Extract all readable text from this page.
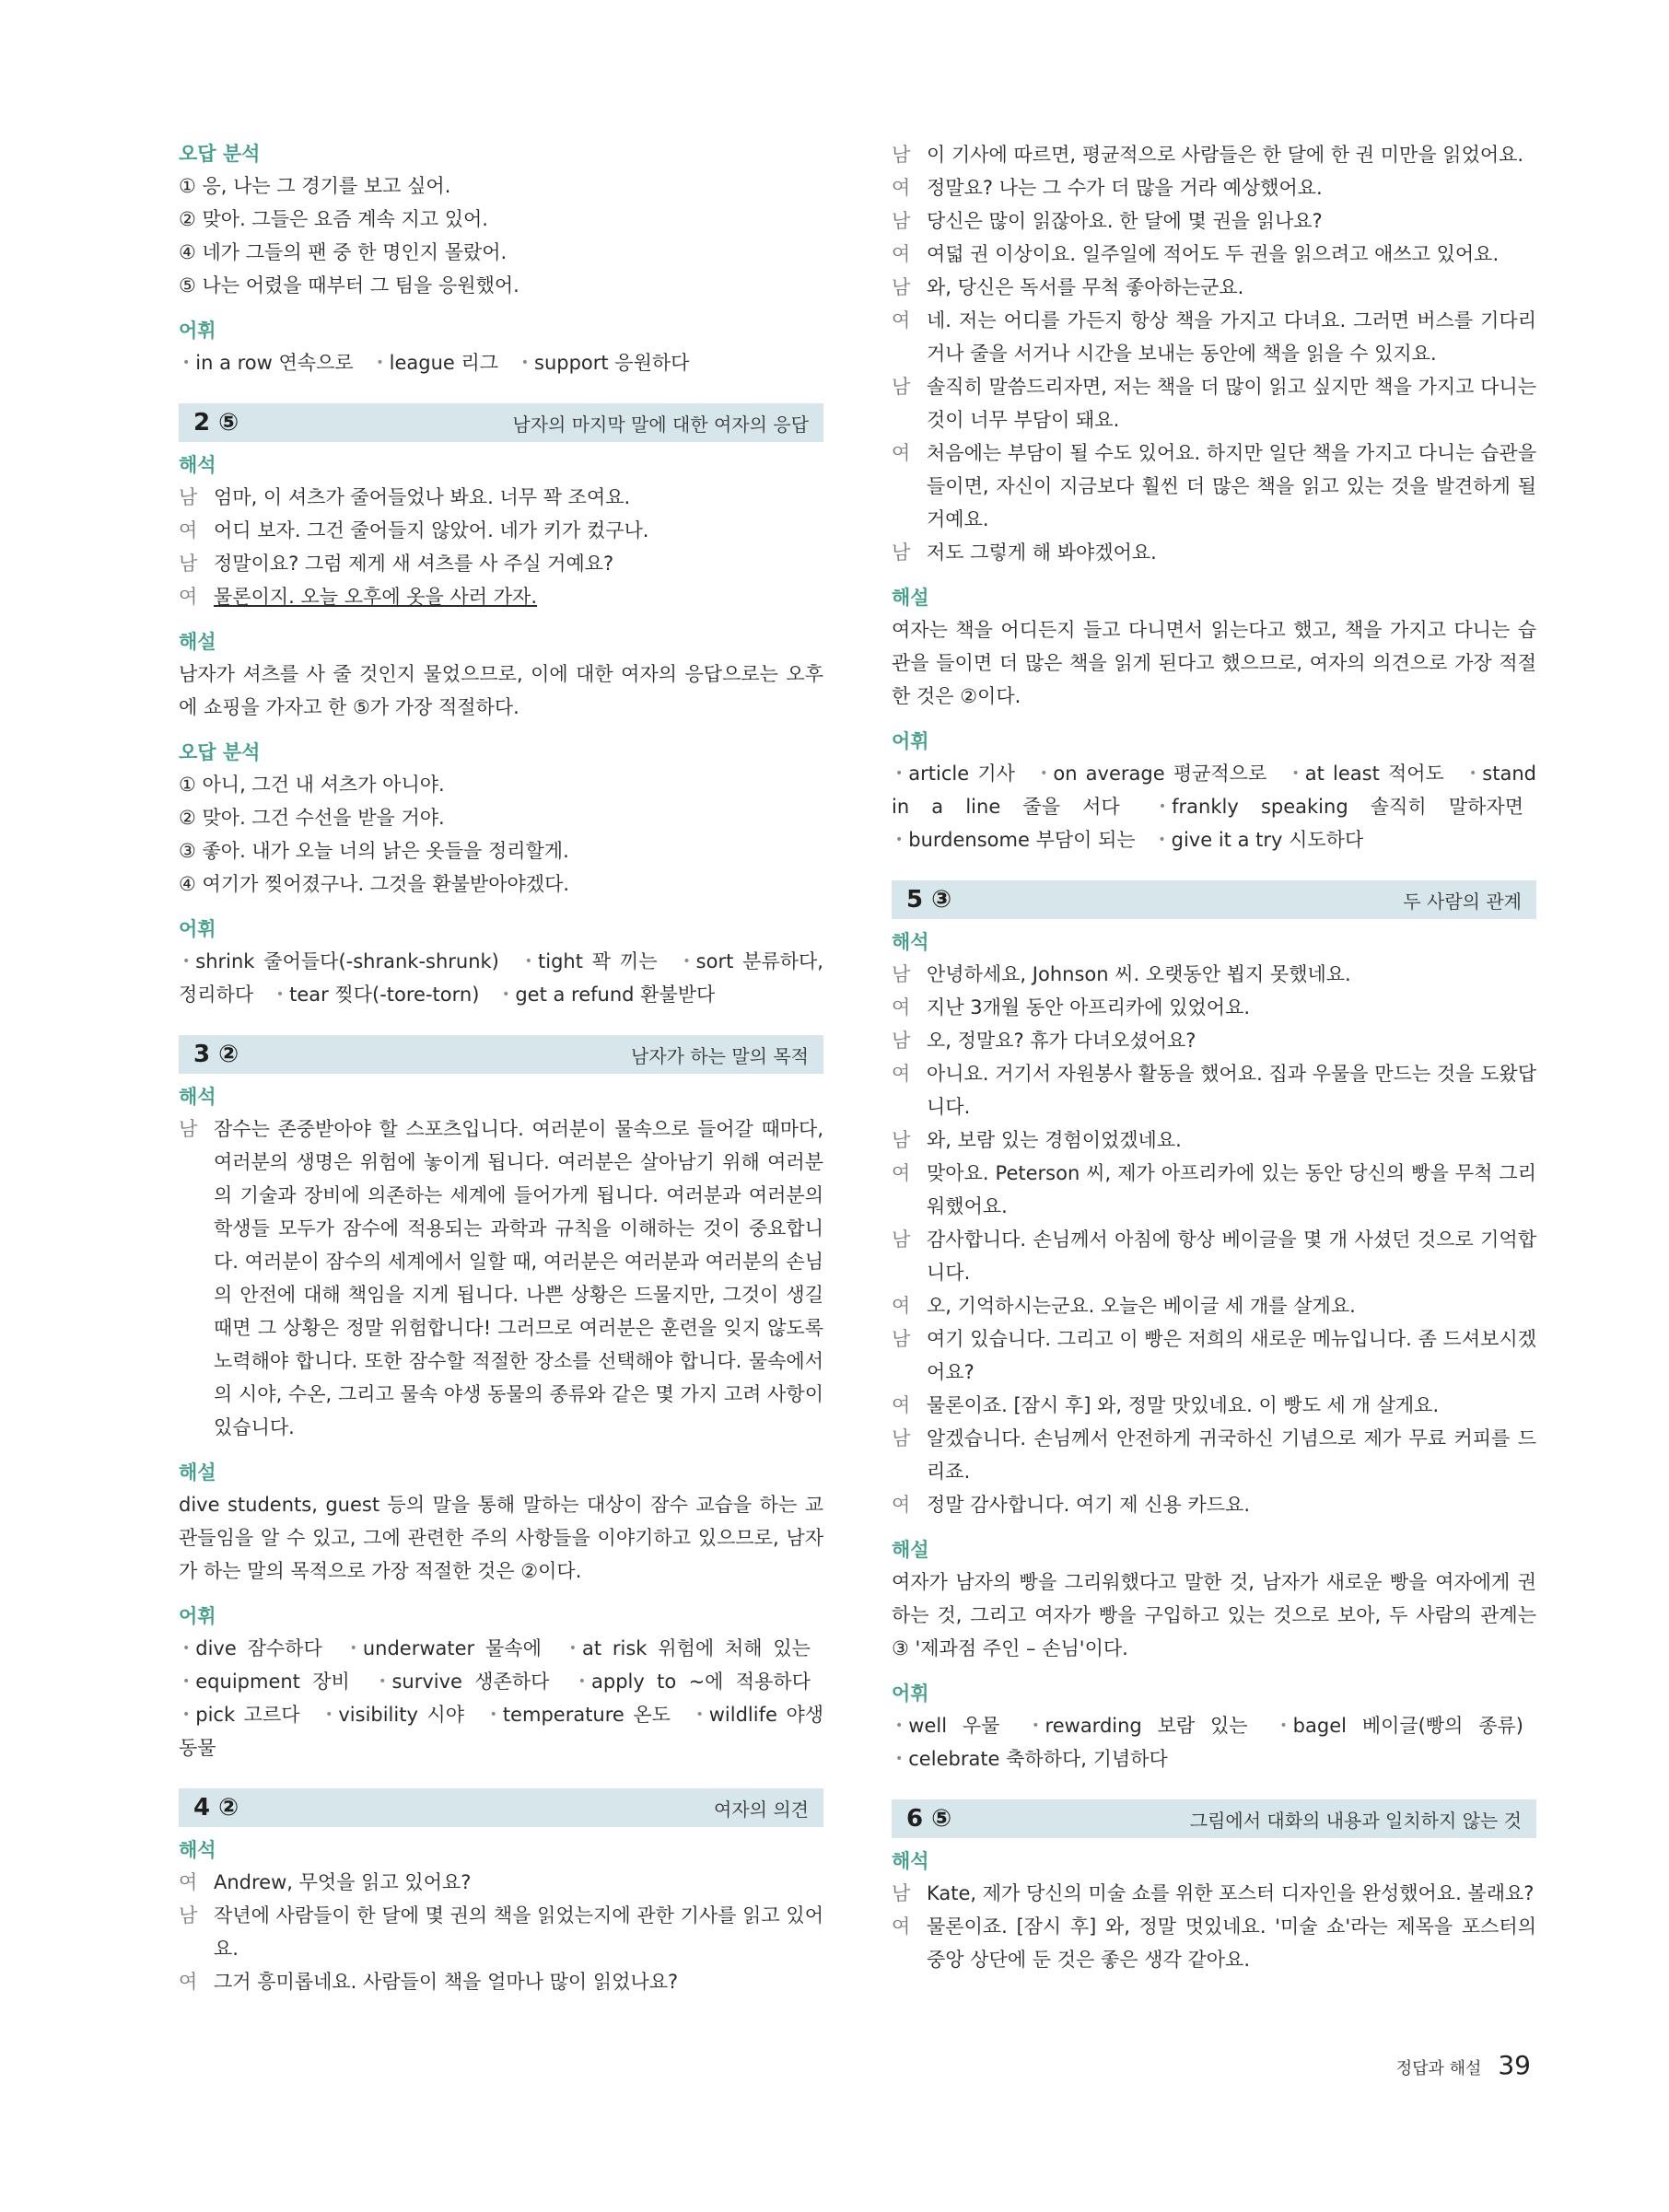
오답 분석
① 응, 나는 그 경기를 보고 싶어.
② 맞아. 그들은 요즘 계속 지고 있어.
④ 네가 그들의 팬 중 한 명인지 몰랐어.
⑤ 나는 어렸을 때부터 그 팀을 응원했어.
어휘
• in a row 연속으로 • league 리그 • support 응원하다
2 ⑤	남자의 마지막 말에 대한 여자의 응답
해석
남 엄마, 이 셔츠가 줄어들었나 봐요. 너무 꽉 조여요.
여 어디 보자. 그건 줄어들지 않았어. 네가 키가 컸구나.
남 정말이요? 그럼 제게 새 셔츠를 사 주실 거예요?
여 물론이지. 오늘 오후에 옷을 사러 가자.
해설
남자가 셔츠를 사 줄 것인지 물었으므로, 이에 대한 여자의 응답으로는 오후에 쇼핑을 가자고 한 ⑤가 가장 적절하다.
오답 분석
① 아니, 그건 내 셔츠가 아니야.
② 맞아. 그건 수선을 받을 거야.
③ 좋아. 내가 오늘 너의 낡은 옷들을 정리할게.
④ 여기가 찢어졌구나. 그것을 환불받아야겠다.
어휘
• shrink 줄어들다(-shrank-shrunk) • tight 꽉 끼는 • sort 분류하다, 정리하다 • tear 찢다(-tore-torn) • get a refund 환불받다
3 ②	남자가 하는 말의 목적
해석
남 잠수는 존중받아야 할 스포츠입니다. 여러분이 물속으로 들어갈 때마다, 여러분의 생명은 위험에 놓이게 됩니다. 여러분은 살아남기 위해 여러분의 기술과 장비에 의존하는 세계에 들어가게 됩니다. 여러분과 여러분의 학생들 모두가 잠수에 적용되는 과학과 규칙을 이해하는 것이 중요합니다. 여러분이 잠수의 세계에서 일할 때, 여러분은 여러분과 여러분의 손님의 안전에 대해 책임을 지게 됩니다. 나쁜 상황은 드물지만, 그것이 생길 때면 그 상황은 정말 위험합니다! 그러므로 여러분은 훈련을 잊지 않도록 노력해야 합니다. 또한 잠수할 적절한 장소를 선택해야 합니다. 물속에서의 시야, 수온, 그리고 물속 야생 동물의 종류와 같은 몇 가지 고려 사항이 있습니다.
해설
dive students, guest 등의 말을 통해 말하는 대상이 잠수 교습을 하는 교관들임을 알 수 있고, 그에 관련한 주의 사항들을 이야기하고 있으므로, 남자가 하는 말의 목적으로 가장 적절한 것은 ②이다.
어휘
• dive 잠수하다 • underwater 물속에 • at risk 위험에 처해 있는 • equipment 장비 • survive 생존하다 • apply to ~에 적용하다 • pick 고르다 • visibility 시야 • temperature 온도 • wildlife 야생 동물
4 ②	여자의 의견
해석
여 Andrew, 무엇을 읽고 있어요?
남 작년에 사람들이 한 달에 몇 권의 책을 읽었는지에 관한 기사를 읽고 있어요.
여 그거 흥미롭네요. 사람들이 책을 얼마나 많이 읽었나요?
남 이 기사에 따르면, 평균적으로 사람들은 한 달에 한 권 미만을 읽었어요.
여 정말요? 나는 그 수가 더 많을 거라 예상했어요.
남 당신은 많이 읽잖아요. 한 달에 몇 권을 읽나요?
여 여덟 권 이상이요. 일주일에 적어도 두 권을 읽으려고 애쓰고 있어요.
남 와, 당신은 독서를 무척 좋아하는군요.
여 네. 저는 어디를 가든지 항상 책을 가지고 다녀요. 그러면 버스를 기다리거나 줄을 서거나 시간을 보내는 동안에 책을 읽을 수 있지요.
남 솔직히 말씀드리자면, 저는 책을 더 많이 읽고 싶지만 책을 가지고 다니는 것이 너무 부담이 돼요.
여 처음에는 부담이 될 수도 있어요. 하지만 일단 책을 가지고 다니는 습관을 들이면, 자신이 지금보다 훨씬 더 많은 책을 읽고 있는 것을 발견하게 될 거예요.
남 저도 그렇게 해 봐야겠어요.
해설
여자는 책을 어디든지 들고 다니면서 읽는다고 했고, 책을 가지고 다니는 습관을 들이면 더 많은 책을 읽게 된다고 했으므로, 여자의 의견으로 가장 적절한 것은 ②이다.
어휘
• article 기사 • on average 평균적으로 • at least 적어도 • stand in a line 줄을 서다	• frankly speaking 솔직히 말하자면 • burdensome 부담이 되는 • give it a try 시도하다
5 ③	두 사람의 관계
해석
남 안녕하세요, Johnson 씨. 오랫동안 뵙지 못했네요.
여 지난 3개월 동안 아프리카에 있었어요.
남 오, 정말요? 휴가 다녀오셨어요?
여 아니요. 거기서 자원봉사 활동을 했어요. 집과 우물을 만드는 것을 도왔답니다.
남 와, 보람 있는 경험이었겠네요.
여 맞아요. Peterson 씨, 제가 아프리카에 있는 동안 당신의 빵을 무척 그리워했어요.
남 감사합니다. 손님께서 아침에 항상 베이글을 몇 개 사셨던 것으로 기억합니다.
여 오, 기억하시는군요. 오늘은 베이글 세 개를 살게요.
남 여기 있습니다. 그리고 이 빵은 저희의 새로운 메뉴입니다. 좀 드셔보시겠어요?
여 물론이죠. [잠시 후] 와, 정말 맛있네요. 이 빵도 세 개 살게요.
남 알겠습니다. 손님께서 안전하게 귀국하신 기념으로 제가 무료 커피를 드리죠.
여 정말 감사합니다. 여기 제 신용 카드요.
해설
여자가 남자의 빵을 그리워했다고 말한 것, 남자가 새로운 빵을 여자에게 권하는 것, 그리고 여자가 빵을 구입하고 있는 것으로 보아, 두 사람의 관계는 ③ '제과점 주인 – 손님'이다.
어휘
• well 우물 • rewarding 보람 있는 • bagel 베이글(빵의 종류) • celebrate 축하하다, 기념하다
6 ⑤	그림에서 대화의 내용과 일치하지 않는 것
해석
남 Kate, 제가 당신의 미술 쇼를 위한 포스터 디자인을 완성했어요. 볼래요?
여 물론이죠. [잠시 후] 와, 정말 멋있네요. '미술 쇼'라는 제목을 포스터의 중앙 상단에 둔 것은 좋은 생각 같아요.
정답과 해설 39
